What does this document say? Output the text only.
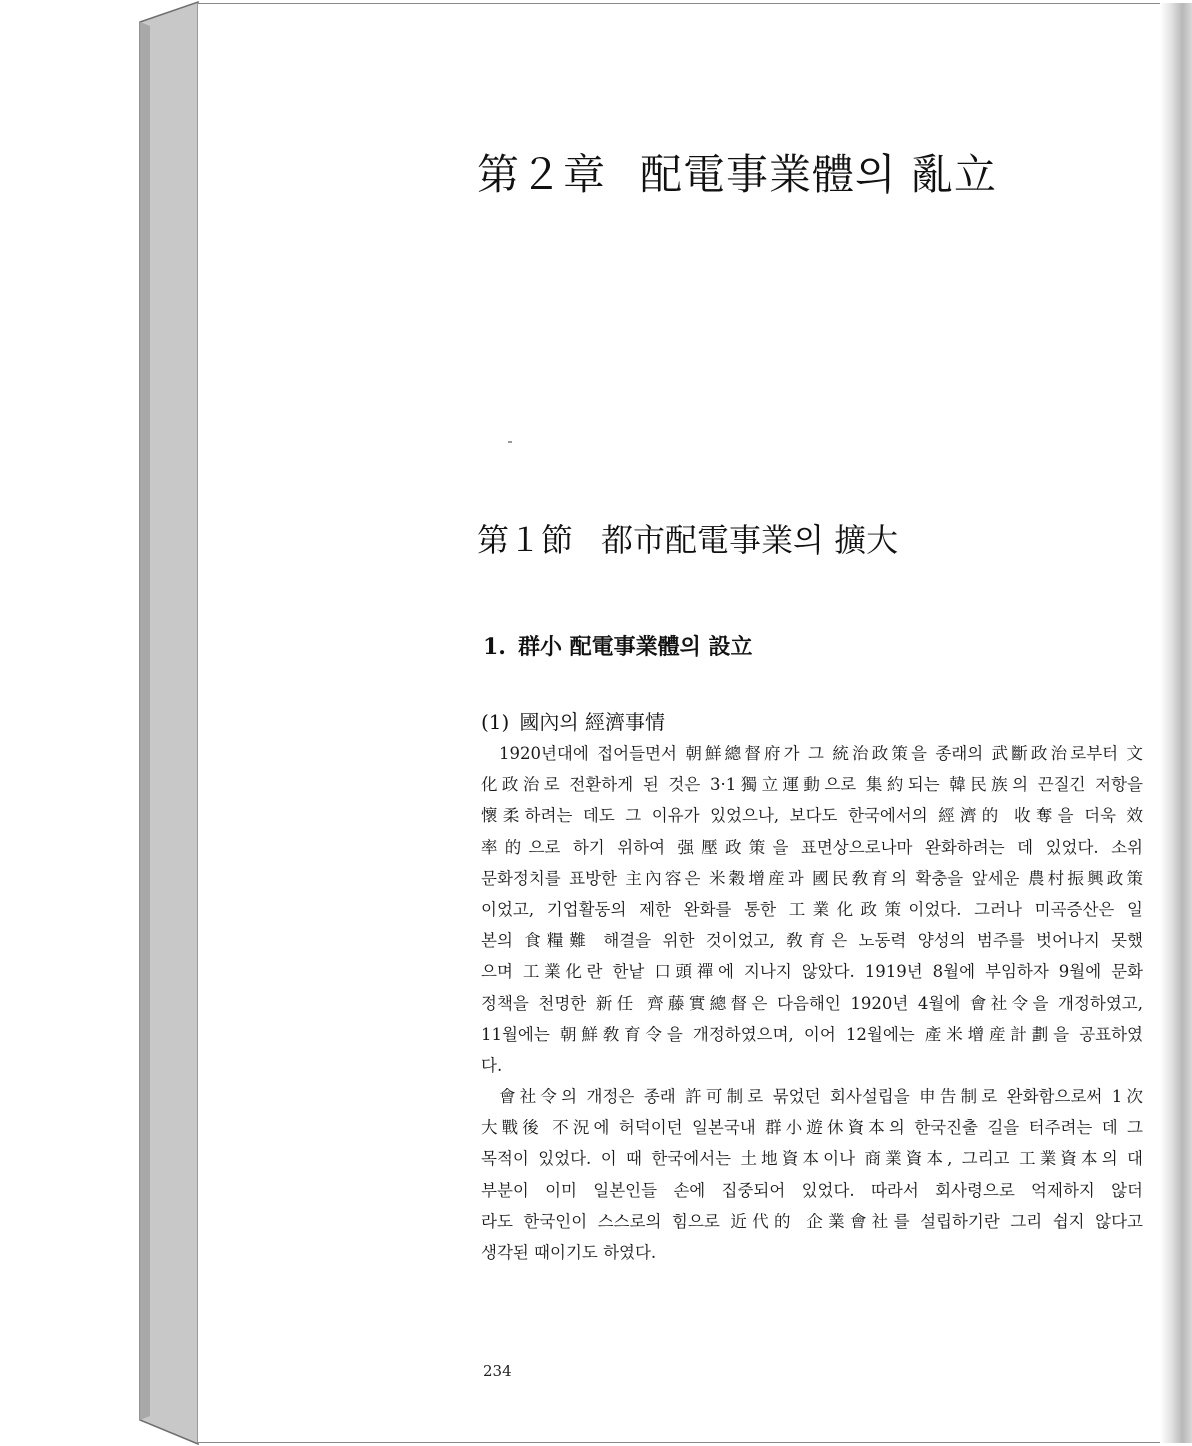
第２章 配電事業體의 亂立
第１節 都市配電事業의 擴大
1. 群小 配電事業體의 設立
(1) 國內의 經濟事情
1920년대에 접어들면서 朝鮮總督府가 그 統治政策을 종래의 武斷政治로부터 文
化政治로 전환하게 된 것은 3·1獨立運動으로 集約되는 韓民族의 끈질긴 저항을
懷柔하려는 데도 그 이유가 있었으나, 보다도 한국에서의 經濟的 收奪을 더욱 效
率的으로 하기 위하여 强壓政策을 표면상으로나마 완화하려는 데 있었다. 소위
문화정치를 표방한 主內容은 米穀增産과 國民敎育의 확충을 앞세운 農村振興政策
이었고, 기업활동의 제한 완화를 통한 工業化政策이었다. 그러나 미곡증산은 일
본의 食糧難 해결을 위한 것이었고, 敎育은 노동력 양성의 범주를 벗어나지 못했
으며 工業化란 한낱 口頭禪에 지나지 않았다. 1919년 8월에 부임하자 9월에 문화
정책을 천명한 新任 齊藤實總督은 다음해인 1920년 4월에 會社令을 개정하였고,
11월에는 朝鮮敎育令을 개정하였으며, 이어 12월에는 產米增産計劃을 공표하였
다.
會社令의 개정은 종래 許可制로 묶었던 회사설립을 申告制로 완화함으로써 1次
大戰後 不況에 허덕이던 일본국내 群小遊休資本의 한국진출 길을 터주려는 데 그
목적이 있었다. 이 때 한국에서는 土地資本이나 商業資本, 그리고 工業資本의 대
부분이 이미 일본인들 손에 집중되어 있었다. 따라서 회사령으로 억제하지 않더
라도 한국인이 스스로의 힘으로 近代的 企業會社를 설립하기란 그리 쉽지 않다고
생각된 때이기도 하였다.
234
